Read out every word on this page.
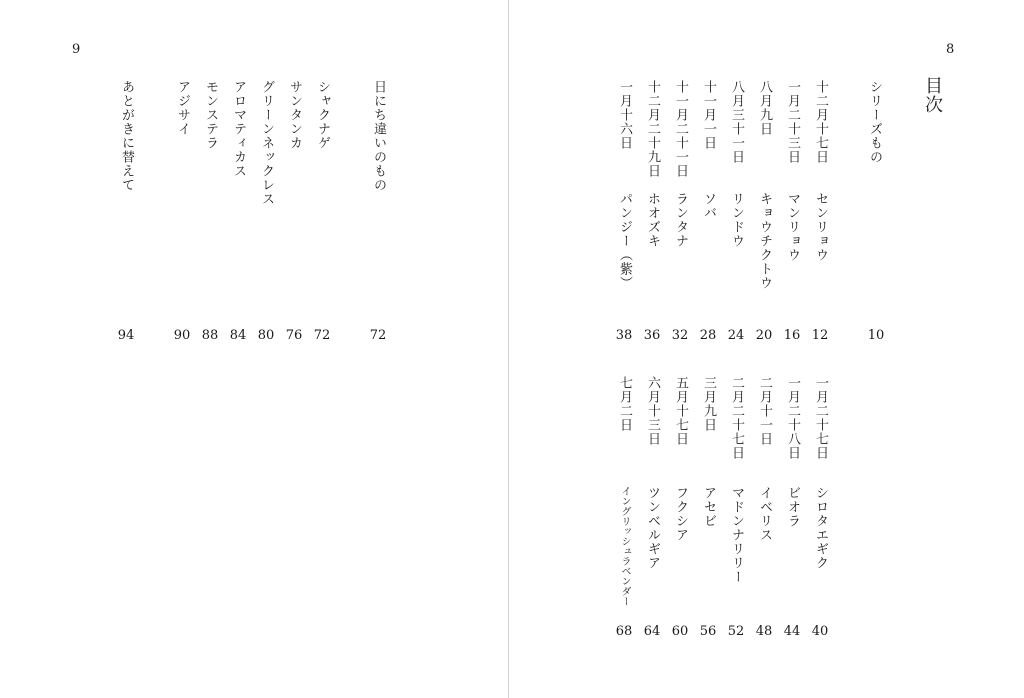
9
日にち違いのもの
72
シャクナゲ
72
サンタンカ
76
グリーンネックレス
80
アロマティカス
84
モンステラ
88
アジサイ
90
あとがきに替えて
94
8
目次
シリーズもの
10
十二月十七日
センリョウ
12
一月二十三日
マンリョウ
16
八月九日
キョウチクトウ
20
八月三十一日
リンドウ
24
十一月一日
ソバ
28
十一月二十一日
ランタナ
32
十二月二十九日
ホオズキ
36
一月十六日
パンジー（紫）
38
一月二十七日
シロタエギク
40
一月二十八日
ビオラ
44
二月十一日
イベリス
48
二月二十七日
マドンナリリー
52
三月九日
アセビ
56
五月十七日
フクシア
60
六月十三日
ツンベルギア
64
七月二日
イングリッシュラベンダー
68
